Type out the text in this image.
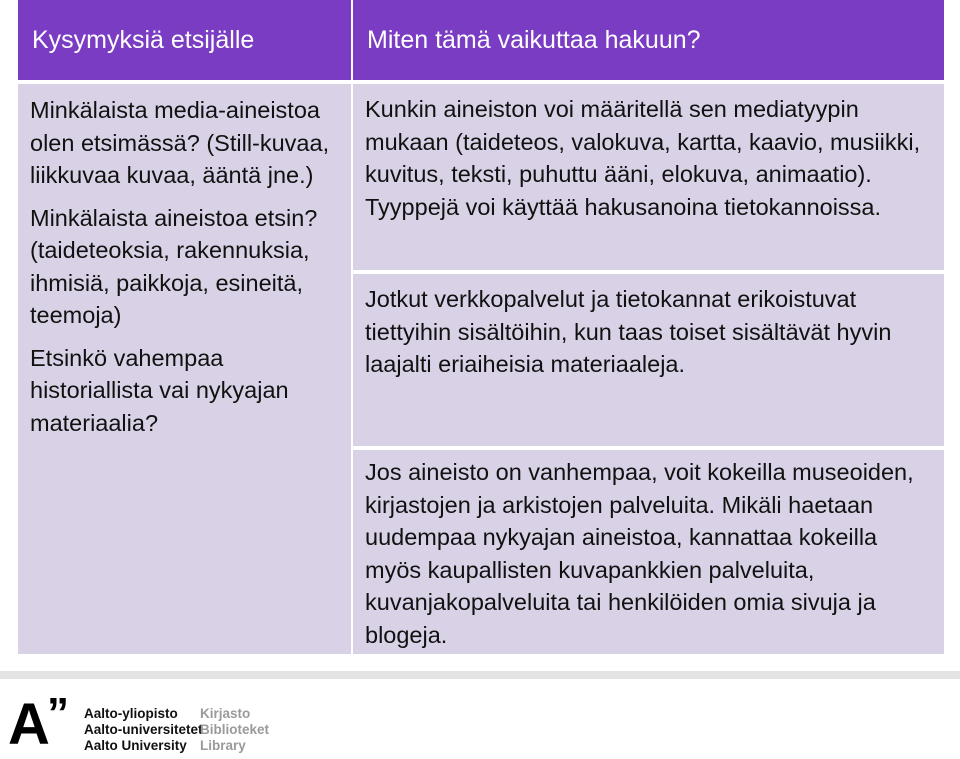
Kysymyksiä etsijälle	Miten tämä vaikuttaa hakuun?

Minkälaista media-aineistoa olen etsimässä? (Still-kuvaa, liikkuvaa kuvaa, ääntä jne.)

Minkälaista aineistoa etsin? (taideteoksia, rakennuksia, ihmisiä, paikkoja, esineitä, teemoja)

Etsinkö vahempaa historiallista vai nykyajan materiaalia?

Kunkin aineiston voi määritellä sen mediatyypin mukaan (taideteos, valokuva, kartta, kaavio, musiikki, kuvitus, teksti, puhuttu ääni, elokuva, animaatio). Tyyppejä voi käyttää hakusanoina tietokannoissa.

Jotkut verkkopalvelut ja tietokannat erikoistuvat tiettyihin sisältöihin, kun taas toiset sisältävät hyvin laajalti eriaiheisia materiaaleja.

Jos aineisto on vanhempaa, voit kokeilla museoiden, kirjastojen ja arkistojen palveluita. Mikäli haetaan uudempaa nykyajan aineistoa, kannattaa kokeilla myös kaupallisten kuvapankkien palveluita, kuvanjakopalveluita tai henkilöiden omia sivuja ja blogeja.

A
” Aalto-yliopisto Kirjasto
Aalto-universitetetBiblioteket
Aalto University Library
